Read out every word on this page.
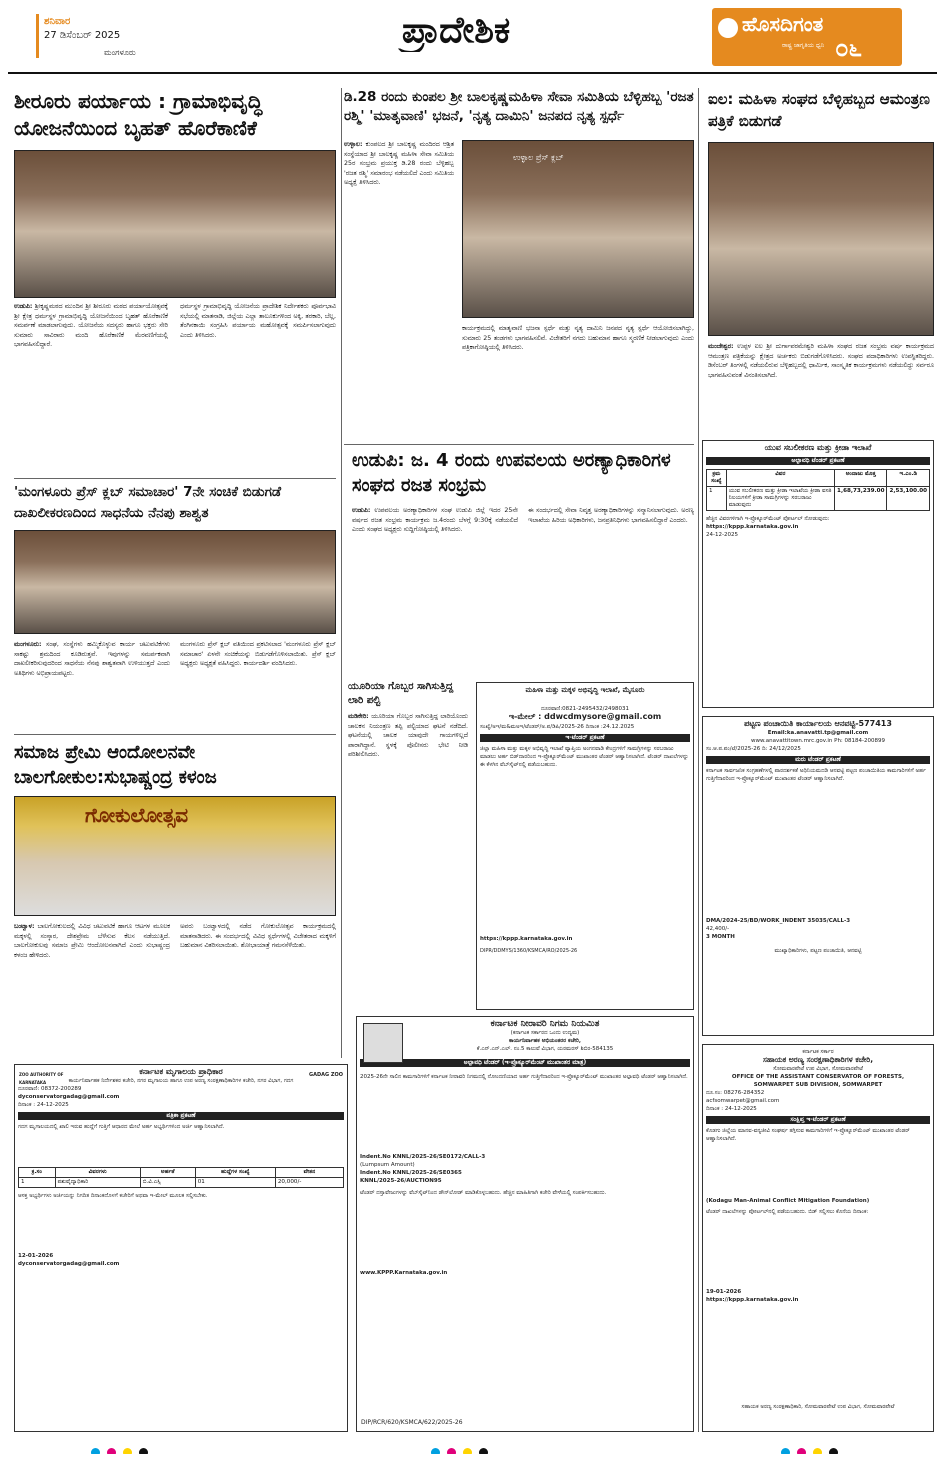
ಶನಿವಾರ
27 ಡಿಸೆಂಬರ್ 2025
ಮಂಗಳೂರು
ಪ್ರಾದೇಶಿಕ	ಹೊಸದಿಗಂತ
ರಾಷ್ಟ್ರ ಜಾಗೃತಿಯ ಧ್ವನಿ ೦೬
ಶೀರೂರು ಪರ್ಯಾಯ : ಗ್ರಾಮಾಭಿವೃದ್ಧಿ ಯೋಜನೆಯಿಂದ ಬೃಹತ್ ಹೊರೆಕಾಣಿಕೆ
ಉಡುಪಿ: ಶ್ರೀಕೃಷ್ಣಮಠದ ಮುಂದಿನ ಶ್ರೀ ಶೀರೂರು ಮಠದ ಪರ್ಯಾಯೋತ್ಸವಕ್ಕೆ ಶ್ರೀ ಕ್ಷೇತ್ರ ಧರ್ಮಸ್ಥಳ ಗ್ರಾಮಾಭಿವೃದ್ಧಿ ಯೋಜನೆಯಿಂದ ಬೃಹತ್ ಹೊರೆಕಾಣಿಕೆ ಸಮರ್ಪಣೆ ಮಾಡಲಾಗುವುದು. ಯೋಜನೆಯ ಸದಸ್ಯರು ಹಾಗೂ ಭಕ್ತರು ಸೇರಿ ಸುಮಾರು ಸಾವಿರಾರು ಮಂದಿ ಹೊರೆಕಾಣಿಕೆ ಮೆರವಣಿಗೆಯಲ್ಲಿ ಭಾಗವಹಿಸಲಿದ್ದಾರೆ.
ಧರ್ಮಸ್ಥಳ ಗ್ರಾಮಾಭಿವೃದ್ಧಿ ಯೋಜನೆಯ ಪ್ರಾದೇಶಿಕ ನಿರ್ದೇಶಕರು ಪೂರ್ವಭಾವಿ ಸಭೆಯಲ್ಲಿ ಮಾತನಾಡಿ, ಜಿಲ್ಲೆಯ ಎಲ್ಲಾ ತಾಲೂಕುಗಳಿಂದ ಅಕ್ಕಿ, ತರಕಾರಿ, ಬೆಲ್ಲ, ತೆಂಗಿನಕಾಯಿ ಸಂಗ್ರಹಿಸಿ ಪರ್ಯಾಯ ಮಹೋತ್ಸವಕ್ಕೆ ಸಮರ್ಪಿಸಲಾಗುವುದು ಎಂದು ತಿಳಿಸಿದರು.
ಡಿ.28 ರಂದು ಕುಂಪಲ ಶ್ರೀ ಬಾಲಕೃಷ್ಣಮಹಿಳಾ ಸೇವಾ ಸಮಿತಿಯ ಬೆಳ್ಳಿಹಬ್ಬ 'ರಜತ ರಶ್ಮಿ' 'ಮಾತೃವಾಣಿ' ಭಜನೆ, 'ನೃತ್ಯ ದಾಮಿನಿ' ಜನಪದ ನೃತ್ಯ ಸ್ಪರ್ಧೆ
ಉಳ್ಳಾಲ: ಕುಂಪಲದ ಶ್ರೀ ಬಾಲಕೃಷ್ಣ ಮಂದಿರದ ಆಶ್ರಿತ ಸಂಸ್ಥೆಯಾದ ಶ್ರೀ ಬಾಲಕೃಷ್ಣ ಮಹಿಳಾ ಸೇವಾ ಸಮಿತಿಯ 25ರ ಸಂಭ್ರಮ ಪ್ರಯುಕ್ತ ಡಿ.28 ರಂದು ಬೆಳ್ಳಿಹಬ್ಬ 'ರಜತ ರಶ್ಮಿ' ಸಮಾರಂಭ ನಡೆಯಲಿದೆ ಎಂದು ಸಮಿತಿಯ ಅಧ್ಯಕ್ಷೆ ತಿಳಿಸಿದರು.
ಉಳ್ಳಾಲ ಪ್ರೆಸ್ ಕ್ಲಬ್
ಕಾರ್ಯಕ್ರಮದಲ್ಲಿ ಮಾತೃವಾಣಿ ಭಜನಾ ಸ್ಪರ್ಧೆ ಮತ್ತು ನೃತ್ಯ ದಾಮಿನಿ ಜನಪದ ನೃತ್ಯ ಸ್ಪರ್ಧೆ ಆಯೋಜಿಸಲಾಗಿದ್ದು, ಸುಮಾರು 25 ತಂಡಗಳು ಭಾಗವಹಿಸಲಿವೆ. ವಿಜೇತರಿಗೆ ನಗದು ಬಹುಮಾನ ಹಾಗೂ ಸ್ಮರಣಿಕೆ ನೀಡಲಾಗುವುದು ಎಂದು ಪತ್ರಿಕಾಗೋಷ್ಠಿಯಲ್ಲಿ ತಿಳಿಸಿದರು.
ಐಲ: ಮಹಿಳಾ ಸಂಘದ ಬೆಳ್ಳಿಹಬ್ಬದ ಆಮಂತ್ರಣ ಪತ್ರಿಕೆ ಬಿಡುಗಡೆ
ಮಂಜೇಶ್ವರ: ಉಪ್ಪಳ ಐಲ ಶ್ರೀ ದುರ್ಗಾಪರಮೇಶ್ವರಿ ಮಹಿಳಾ ಸಂಘದ ರಜತ ಸಂಭ್ರಮ ವರ್ಷ ಕಾರ್ಯಕ್ರಮದ ಆಮಂತ್ರಣ ಪತ್ರಿಕೆಯನ್ನು ಕ್ಷೇತ್ರದ ಅರ್ಚಕರು ಬಿಡುಗಡೆಗೊಳಿಸಿದರು. ಸಂಘದ ಪದಾಧಿಕಾರಿಗಳು ಉಪಸ್ಥಿತರಿದ್ದರು. ಡಿಸೆಂಬರ್ ತಿಂಗಳಲ್ಲಿ ನಡೆಯಲಿರುವ ಬೆಳ್ಳಿಹಬ್ಬದಲ್ಲಿ ಧಾರ್ಮಿಕ, ಸಾಂಸ್ಕೃತಿಕ ಕಾರ್ಯಕ್ರಮಗಳು ನಡೆಯಲಿದ್ದು ಸರ್ವರೂ ಭಾಗವಹಿಸುವಂತೆ ವಿನಂತಿಸಲಾಗಿದೆ.
'ಮಂಗಳೂರು ಪ್ರೆಸ್ ಕ್ಲಬ್ ಸಮಾಚಾರ' 7ನೇ ಸಂಚಿಕೆ ಬಿಡುಗಡೆ ದಾಖಲೀಕರಣದಿಂದ ಸಾಧನೆಯ ನೆನಪು ಶಾಶ್ವತ
ಮಂಗಳೂರು: ಸಂಘ, ಸಂಸ್ಥೆಗಳು ಹಮ್ಮಿಕೊಳ್ಳುವ ಕಾರ್ಯ ಚಟುವಟಿಕೆಗಳು ಸಾಕಷ್ಟು ಶ್ರಮದಿಂದ ಕೂಡಿರುತ್ತವೆ. ಇವುಗಳನ್ನು ಸಮರ್ಪಕವಾಗಿ ದಾಖಲೀಕರಿಸುವುದರಿಂದ ಸಾಧನೆಯ ನೆನಪು ಶಾಶ್ವತವಾಗಿ ಉಳಿಯುತ್ತದೆ ಎಂದು ಅತಿಥಿಗಳು ಅಭಿಪ್ರಾಯಪಟ್ಟರು.
ಮಂಗಳೂರು ಪ್ರೆಸ್ ಕ್ಲಬ್ ವತಿಯಿಂದ ಪ್ರಕಟಿಸಲಾದ 'ಮಂಗಳೂರು ಪ್ರೆಸ್ ಕ್ಲಬ್ ಸಮಾಚಾರ' ಏಳನೇ ಸಂಚಿಕೆಯನ್ನು ಬಿಡುಗಡೆಗೊಳಿಸಲಾಯಿತು. ಪ್ರೆಸ್ ಕ್ಲಬ್ ಅಧ್ಯಕ್ಷರು ಅಧ್ಯಕ್ಷತೆ ವಹಿಸಿದ್ದರು. ಕಾರ್ಯದರ್ಶಿ ವಂದಿಸಿದರು.
ಉಡುಪಿ: ಜ. 4 ರಂದು ಉಪವಲಯ ಅರಣ್ಯಾಧಿಕಾರಿಗಳ ಸಂಘದ ರಜತ ಸಂಭ್ರಮ
ಉಡುಪಿ: ಉಪವಲಯ ಅರಣ್ಯಾಧಿಕಾರಿಗಳ ಸಂಘ ಉಡುಪಿ ಜಿಲ್ಲೆ ಇದರ 25ನೇ ವರ್ಷದ ರಜತ ಸಂಭ್ರಮ ಕಾರ್ಯಕ್ರಮ ಜ.4ರಂದು ಬೆಳಗ್ಗೆ 9:30ಕ್ಕೆ ನಡೆಯಲಿದೆ ಎಂದು ಸಂಘದ ಅಧ್ಯಕ್ಷರು ಸುದ್ದಿಗೋಷ್ಠಿಯಲ್ಲಿ ತಿಳಿಸಿದರು.
ಈ ಸಂದರ್ಭದಲ್ಲಿ ಸೇವಾ ನಿವೃತ್ತ ಅರಣ್ಯಾಧಿಕಾರಿಗಳನ್ನು ಸನ್ಮಾನಿಸಲಾಗುವುದು. ಅರಣ್ಯ ಇಲಾಖೆಯ ಹಿರಿಯ ಅಧಿಕಾರಿಗಳು, ಜನಪ್ರತಿನಿಧಿಗಳು ಭಾಗವಹಿಸಲಿದ್ದಾರೆ ಎಂದರು.
ಸಮಾಜ ಪ್ರೇಮಿ ಆಂದೋಲನವೇ ಬಾಲಗೋಕುಲ:ಸುಭಾಷ್ಚಂದ್ರ ಕಳಂಜ
ಗೋಕುಲೋತ್ಸವ
ಬಂಟ್ವಾಳ: ಬಾಲಗೋಕುಲದಲ್ಲಿ ವಿವಿಧ ಚಟುವಟಿಕೆ ಹಾಗೂ ಆಟಗಳ ಮೂಲಕ ಮಕ್ಕಳಲ್ಲಿ ಸಂಸ್ಕಾರ, ದೇಶಪ್ರೇಮ ಬೆಳೆಸುವ ಕೆಲಸ ನಡೆಯುತ್ತಿದೆ. ಬಾಲಗೋಕುಲವು ಸಮಾಜ ಪ್ರೇಮಿ ಆಂದೋಲನವಾಗಿದೆ ಎಂದು ಸುಭಾಷ್ಚಂದ್ರ ಕಳಂಜ ಹೇಳಿದರು.
ಅವರು ಬಂಟ್ವಾಳದಲ್ಲಿ ನಡೆದ ಗೋಕುಲೋತ್ಸವ ಕಾರ್ಯಕ್ರಮದಲ್ಲಿ ಮಾತನಾಡಿದರು. ಈ ಸಂದರ್ಭದಲ್ಲಿ ವಿವಿಧ ಸ್ಪರ್ಧೆಗಳಲ್ಲಿ ವಿಜೇತರಾದ ಮಕ್ಕಳಿಗೆ ಬಹುಮಾನ ವಿತರಿಸಲಾಯಿತು. ಶೋಭಾಯಾತ್ರೆ ಗಮನಸೆಳೆಯಿತು.
ಯೂರಿಯಾ ಗೊಬ್ಬರ ಸಾಗಿಸುತ್ತಿದ್ದ ಲಾರಿ ಪಲ್ಟಿ
ಮಡಿಕೇರಿ: ಯೂರಿಯಾ ಗೊಬ್ಬರ ಸಾಗಿಸುತ್ತಿದ್ದ ಲಾರಿಯೊಂದು ಚಾಲಕನ ನಿಯಂತ್ರಣ ತಪ್ಪಿ ಪಲ್ಟಿಯಾದ ಘಟನೆ ನಡೆದಿದೆ. ಘಟನೆಯಲ್ಲಿ ಚಾಲಕ ಯಾವುದೇ ಗಾಯಗಳಿಲ್ಲದೆ ಪಾರಾಗಿದ್ದಾನೆ. ಸ್ಥಳಕ್ಕೆ ಪೊಲೀಸರು ಭೇಟಿ ನೀಡಿ ಪರಿಶೀಲಿಸಿದರು.
ಮಹಿಳಾ ಮತ್ತು ಮಕ್ಕಳ ಅಭಿವೃದ್ಧಿ ಇಲಾಖೆ, ಮೈಸೂರು
ದೂರವಾಣಿ:0821-2495432/2498031
ಇ-ಮೇಲ್ : ddwcdmysore@gmail.com
ಸಂಖ್ಯೆ/ಅಇ/ಮ&ಮಅಇ/ಟೆಂಡರ್/ಅ.ಪ/ಡಿಪಿ/2025-26 ದಿನಾಂಕ :24.12.2025
ಇ-ಟೆಂಡರ್ ಪ್ರಕಟಣೆ
ಜಿಲ್ಲಾ ಮಹಿಳಾ ಮತ್ತು ಮಕ್ಕಳ ಅಭಿವೃದ್ಧಿ ಇಲಾಖೆ ವ್ಯಾಪ್ತಿಯ ಅಂಗನವಾಡಿ ಕೇಂದ್ರಗಳಿಗೆ ಸಾಮಗ್ರಿಗಳನ್ನು ಸರಬರಾಜು ಮಾಡಲು ಅರ್ಹ ಬಿಡ್‌ದಾರರಿಂದ ಇ-ಪ್ರೊಕ್ಯೂರ್‌ಮೆಂಟ್ ಮುಖಾಂತರ ಟೆಂಡರ್ ಆಹ್ವಾನಿಸಲಾಗಿದೆ. ಟೆಂಡರ್ ದಾಖಲೆಗಳನ್ನು ಈ ಕೆಳಗಿನ ವೆಬ್‌ಸೈಟ್‌ನಲ್ಲಿ ಪಡೆಯಬಹುದು.
https://kppp.karnataka.gov.in
DIPR/DDMYS/1360/KSMCA/RO/2025-26
ಯುವ ಸಬಲೀಕರಣ ಮತ್ತು ಕ್ರೀಡಾ ಇಲಾಖೆ
ಅಲ್ಪಾವಧಿ ಟೆಂಡರ್ ಪ್ರಕಟಣೆ
ಕ್ರಮ ಸಂಖ್ಯೆ	ವಿವರ	ಅಂದಾಜು ಮೊತ್ತ	ಇ.ಎಂ.ಡಿ
1	ಯುವ ಸಬಲೀಕರಣ ಮತ್ತು ಕ್ರೀಡಾ ಇಲಾಖೆಯ ಕ್ರೀಡಾ ವಸತಿ ನಿಲಯಗಳಿಗೆ ಕ್ರೀಡಾ ಸಾಮಗ್ರಿಗಳನ್ನು ಸರಬರಾಜು ಮಾಡುವುದು	1,68,73,239.00	2,53,100.00
ಹೆಚ್ಚಿನ ವಿವರಗಳಿಗಾಗಿ ಇ-ಪ್ರೊಕ್ಯೂರ್‌ಮೆಂಟ್ ಪೋರ್ಟಲ್ ನೋಡುವುದು:
https://kppp.karnataka.gov.in
24-12-2025
ಪಟ್ಟಣ ಪಂಚಾಯಿತಿ ಕಾರ್ಯಾಲಯ ಆನವಟ್ಟಿ-577413
Email:ka.anavatti.tp@gmail.com
www.anavattitown.mrc.gov.in Ph: 08184-200899
ಸಂ.ಆ.ಪ.ಪಂ/ಟೆ/2025-26 ದಿ: 24/12/2025
ಮರು ಟೆಂಡರ್ ಪ್ರಕಟಣೆ
ಕರ್ನಾಟಕ ಸಾರ್ವಜನಿಕ ಸಂಗ್ರಹಣೆಗಳಲ್ಲಿ ಪಾರದರ್ಶಕತೆ ಅಧಿನಿಯಮದಡಿ ಆನವಟ್ಟಿ ಪಟ್ಟಣ ಪಂಚಾಯಿತಿಯ ಕಾಮಗಾರಿಗಳಿಗೆ ಅರ್ಹ ಗುತ್ತಿಗೆದಾರರಿಂದ ಇ-ಪ್ರೊಕ್ಯೂರ್‌ಮೆಂಟ್ ಮುಖಾಂತರ ಟೆಂಡರ್ ಆಹ್ವಾನಿಸಲಾಗಿದೆ.
DMA/2024-25/BD/WORK_INDENT 35035/CALL-3
42,400/-
3 MONTH
ಮುಖ್ಯಾಧಿಕಾರಿಗಳು, ಪಟ್ಟಣ ಪಂಚಾಯಿತಿ, ಆನವಟ್ಟಿ
ಕರ್ನಾಟಕ ನೀರಾವರಿ ನಿಗಮ ನಿಯಮಿತ
(ಕರ್ನಾಟಕ ಸರ್ಕಾರದ ಒಂದು ಉದ್ಯಮ)
ಕಾರ್ಯನಿರ್ವಾಹಕ ಅಭಿಯಂತರರ ಕಚೇರಿ,
ಕೆ.ಎನ್.ಎನ್.ಎಲ್. ನಂ.5 ಕಾಲುವೆ ವಿಭಾಗ, ಯರಮರಸ್ ಶಿಬಿರ-584135
ಅಲ್ಪಾವಧಿ ಟೆಂಡರ್ (ಇ-ಪ್ರೊಕ್ಯೂರ್‌ಮೆಂಟ್ ಮುಖಾಂತರ ಮಾತ್ರ)
2025-26ನೇ ಸಾಲಿನ ಕಾಮಗಾರಿಗಳಿಗೆ ಕರ್ನಾಟಕ ನೀರಾವರಿ ನಿಗಮದಲ್ಲಿ ನೋಂದಣಿಯಾದ ಅರ್ಹ ಗುತ್ತಿಗೆದಾರರಿಂದ ಇ-ಪ್ರೊಕ್ಯೂರ್‌ಮೆಂಟ್ ಮುಖಾಂತರ ಅಲ್ಪಾವಧಿ ಟೆಂಡರ್ ಆಹ್ವಾನಿಸಲಾಗಿದೆ.
Indent.No KNNL/2025-26/SE0172/CALL-3
(Lumpsum Amount)
Indent.No KNNL/2025-26/SE0365
KNNL/2025-26/AUCTION95
ಟೆಂಡರ್ ದಸ್ತಾವೇಜುಗಳನ್ನು ವೆಬ್‌ಸೈಟ್‌ನಿಂದ ಡೌನ್‌ಲೋಡ್ ಮಾಡಿಕೊಳ್ಳಬಹುದು. ಹೆಚ್ಚಿನ ಮಾಹಿತಿಗಾಗಿ ಕಚೇರಿ ವೇಳೆಯಲ್ಲಿ ಸಂಪರ್ಕಿಸಬಹುದು.
www.KPPP.Karnataka.gov.in
DIP/RCR/620/KSMCA/622/2025-26
ZOO AUTHORITY OF KARNATAKA
GADAG ZOO
ಕರ್ನಾಟಕ ಮೃಗಾಲಯ ಪ್ರಾಧಿಕಾರ
ಕಾರ್ಯನಿರ್ವಾಹಕ ನಿರ್ದೇಶಕರ ಕಚೇರಿ, ನಗರ ಮೃಗಾಲಯ ಹಾಗೂ ಉಪ ಅರಣ್ಯ ಸಂರಕ್ಷಣಾಧಿಕಾರಿಗಳ ಕಚೇರಿ, ನಗರ ವಿಭಾಗ, ಗದಗ
ದೂರವಾಣಿ: 08372-200289
dyconservatorgadag@gmail.com
ದಿನಾಂಕ : 24-12-2025
ಪತ್ರಿಕಾ ಪ್ರಕಟಣೆ
ಗದಗ ಮೃಗಾಲಯದಲ್ಲಿ ಖಾಲಿ ಇರುವ ಹುದ್ದೆಗೆ ಗುತ್ತಿಗೆ ಆಧಾರದ ಮೇಲೆ ಅರ್ಹ ಅಭ್ಯರ್ಥಿಗಳಿಂದ ಅರ್ಜಿ ಆಹ್ವಾನಿಸಲಾಗಿದೆ.
ಕ್ರ.ಸಂ	ವಿವರಗಳು	ಅರ್ಹತೆ	ಹುದ್ದೆಗಳ ಸಂಖ್ಯೆ	ವೇತನ
1	ಪಶುವೈದ್ಯಾಧಿಕಾರಿ	ಬಿ.ವಿ.ಎಸ್ಸಿ	01	20,000/-
ಆಸಕ್ತ ಅಭ್ಯರ್ಥಿಗಳು ಅರ್ಜಿಯನ್ನು ನಿಗದಿತ ದಿನಾಂಕದೊಳಗೆ ಕಚೇರಿಗೆ ಅಥವಾ ಇ-ಮೇಲ್ ಮೂಲಕ ಸಲ್ಲಿಸಬೇಕು.
12-01-2026
dyconservatorgadag@gmail.com
ಕರ್ನಾಟಕ ಸರ್ಕಾರ
ಸಹಾಯಕ ಅರಣ್ಯ ಸಂರಕ್ಷಣಾಧಿಕಾರಿಗಳ ಕಚೇರಿ,
ಸೋಮವಾರಪೇಟೆ ಉಪ ವಿಭಾಗ, ಸೋಮವಾರಪೇಟೆ
OFFICE OF THE ASSISTANT CONSERVATOR OF FORESTS,
SOMWARPET SUB DIVISION, SOMWARPET
ದೂ.ಸಂ: 08276-284352
acfsomwarpet@gmail.com
ದಿನಾಂಕ : 24-12-2025
ಸಂಕ್ಷಿಪ್ತ ಇ-ಟೆಂಡರ್ ಪ್ರಕಟಣೆ
ಕೊಡಗು ಜಿಲ್ಲೆಯ ಮಾನವ-ವನ್ಯಜೀವಿ ಸಂಘರ್ಷ ತಗ್ಗಿಸುವ ಕಾಮಗಾರಿಗಳಿಗೆ ಇ-ಪ್ರೊಕ್ಯೂರ್‌ಮೆಂಟ್ ಮುಖಾಂತರ ಟೆಂಡರ್ ಆಹ್ವಾನಿಸಲಾಗಿದೆ.
(Kodagu Man-Animal Conflict Mitigation Foundation)
ಟೆಂಡರ್ ದಾಖಲೆಗಳನ್ನು ಪೋರ್ಟಲ್‌ನಲ್ಲಿ ಪಡೆಯಬಹುದು. ಬಿಡ್ ಸಲ್ಲಿಸಲು ಕೊನೆಯ ದಿನಾಂಕ:
19-01-2026
https://kppp.karnataka.gov.in
ಸಹಾಯಕ ಅರಣ್ಯ ಸಂರಕ್ಷಣಾಧಿಕಾರಿ, ಸೋಮವಾರಪೇಟೆ ಉಪ ವಿಭಾಗ, ಸೋಮವಾರಪೇಟೆ
